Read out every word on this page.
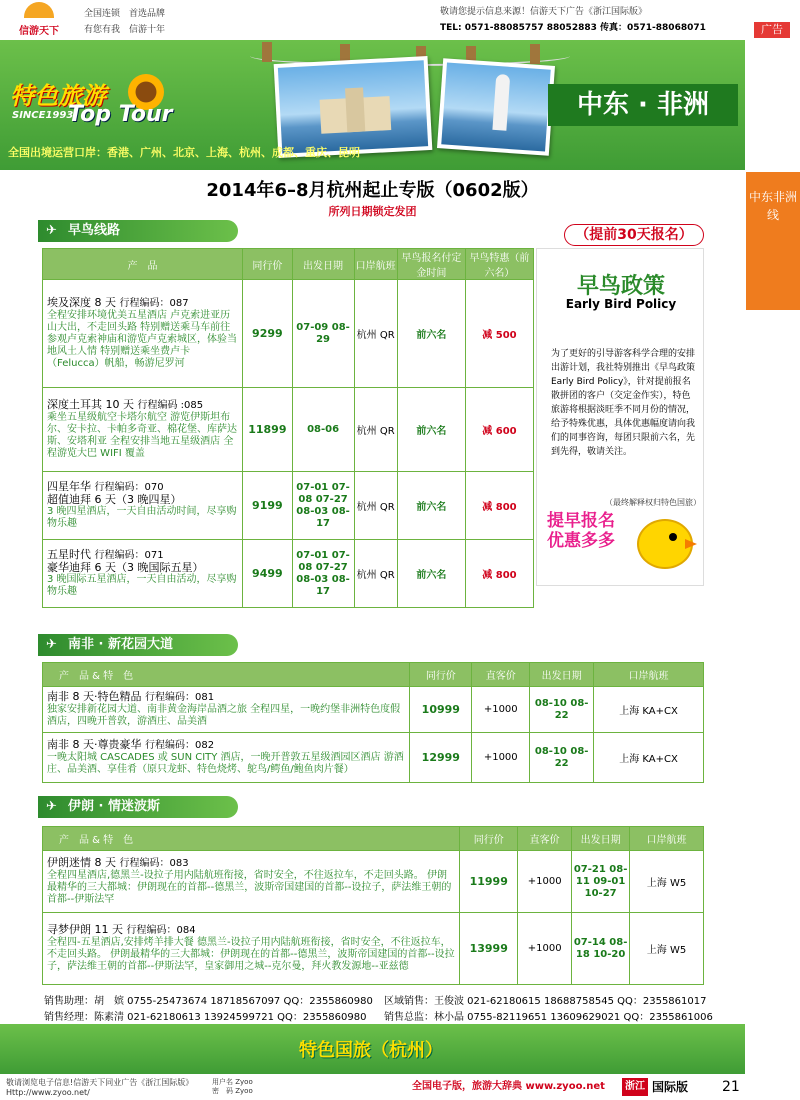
信游天下
全国连锁　首选品牌
有您有我　信游十年
敬请您提示信息来源！信游天下广告《浙江国际版》
TEL: 0571-88085757 88052883 传真：0571-88068071	广告
特色旅游
SINCE1993
Top Tour
全国出境运营口岸：香港、广州、北京、上海、杭州、成都、重庆、昆明
中东 · 非洲
中东非洲线
2014年6–8月杭州起止专版（0602版）
所列日期锁定发团
✈ 早鸟线路	（提前30天报名）
产　品	同行价	出发日期	口岸航班	早鸟报名付定金时间	早鸟特惠（前六名）

埃及深度 8 天 行程编码：087
全程安排环境优美五星酒店 卢克索进亚历山大出，不走回头路 特别赠送乘马车前往参观卢克索神庙和游览卢克索城区，体验当地风土人情 特别赠送乘坐费卢卡（Felucca）帆船，畅游尼罗河	9299	07-09 08-29	杭州 QR	前六名	减 500

深度土耳其 10 天 行程编码 :085
乘坐五星级航空卡塔尔航空 游览伊斯坦布尔、安卡拉、卡帕多奇亚、棉花堡、库萨达斯、安塔利亚 全程安排当地五星级酒店 全程游览大巴 WIFI 覆盖	11899	08-06	杭州 QR	前六名	减 600

四星年华 行程编码：070
超值迪拜 6 天（3 晚四星）
3 晚四星酒店，一天自由活动时间，尽享购物乐趣	9199	07-01 07-08 07-27 08-03 08-17	杭州 QR	前六名	减 800

五星时代 行程编码：071
豪华迪拜 6 天（3 晚国际五星）
3 晚国际五星酒店，一天自由活动，尽享购物乐趣	9499	07-01 07-08 07-27 08-03 08-17	杭州 QR	前六名	减 800
早鸟政策
Early Bird Policy
为了更好的引导游客科学合理的安排出游计划，我社特别推出《早鸟政策Early Bird Policy》，针对提前报名散拼团的客户（交定金作实），特色旅游将根据淡旺季不同月份的情况，给予特殊优惠，具体优惠幅度请向我们的同事咨询，每团只限前六名，先到先得，敬请关注。
（最终解释权归特色国旅）
提早报名
优惠多多
✈ 南非 · 新花园大道
产　品 & 特　色	同行价	直客价	出发日期	口岸航班

南非 8 天·特色精品 行程编码：081
独家安排新花园大道、南非黄金海岸品酒之旅 全程四星，一晚约堡非洲特色度假酒店，四晚开普敦，游酒庄、品美酒	10999	+1000	08-10 08-22	上海 KA+CX

南非 8 天·尊贵豪华 行程编码：082
一晚太阳城 CASCADES 或 SUN CITY 酒店，一晚开普敦五星级酒园区酒店 游酒庄、品美酒、享佳肴（原只龙虾、特色烧烤、鸵鸟/鳄鱼/鲍鱼肉片餐）	12999	+1000	08-10 08-22	上海 KA+CX
✈ 伊朗 · 情迷波斯
产　品 & 特　色	同行价	直客价	出发日期	口岸航班

伊朗迷情 8 天 行程编码：083
全程四星酒店,德黑兰-设拉子用内陆航班衔接，省时安全，不往返拉车，不走回头路。 伊朗最精华的三大都城：伊朗现在的首都--德黑兰，波斯帝国建国的首都--设拉子，萨法维王朝的首都--伊斯法罕	11999	+1000	07-21 08-11 09-01 10-27	上海 W5

寻梦伊朗 11 天 行程编码：084
全程四-五星酒店,安排烤羊排大餐 德黑兰-设拉子用内陆航班衔接，省时安全，不往返拉车，不走回头路。 伊朗最精华的三大都城：伊朗现在的首都--德黑兰，波斯帝国建国的首都--设拉子，萨法维王朝的首都--伊斯法罕，皇家御用之城--克尔曼，拜火教发源地--亚兹德	13999	+1000	07-14 08-18 10-20	上海 W5
销售助理：胡　嫔 0755-25473674 18718567097 QQ：2355860980 区域销售：王俊波 021-62180615 18688758545 QQ：2355861017
销售经理：陈素清 021-62180613 13924599721 QQ：2355860980 销售总监：林小晶 0755-82119651 13609629021 QQ：2355861006
特色国旅（杭州）
敬请浏览电子信息!信游天下同业广告《浙江国际版》
Http://www.zyoo.net/
用户名 Zyoo
密　码 Zyoo	全国电子版，旅游大辞典 www.zyoo.net	浙江 国际版 21
